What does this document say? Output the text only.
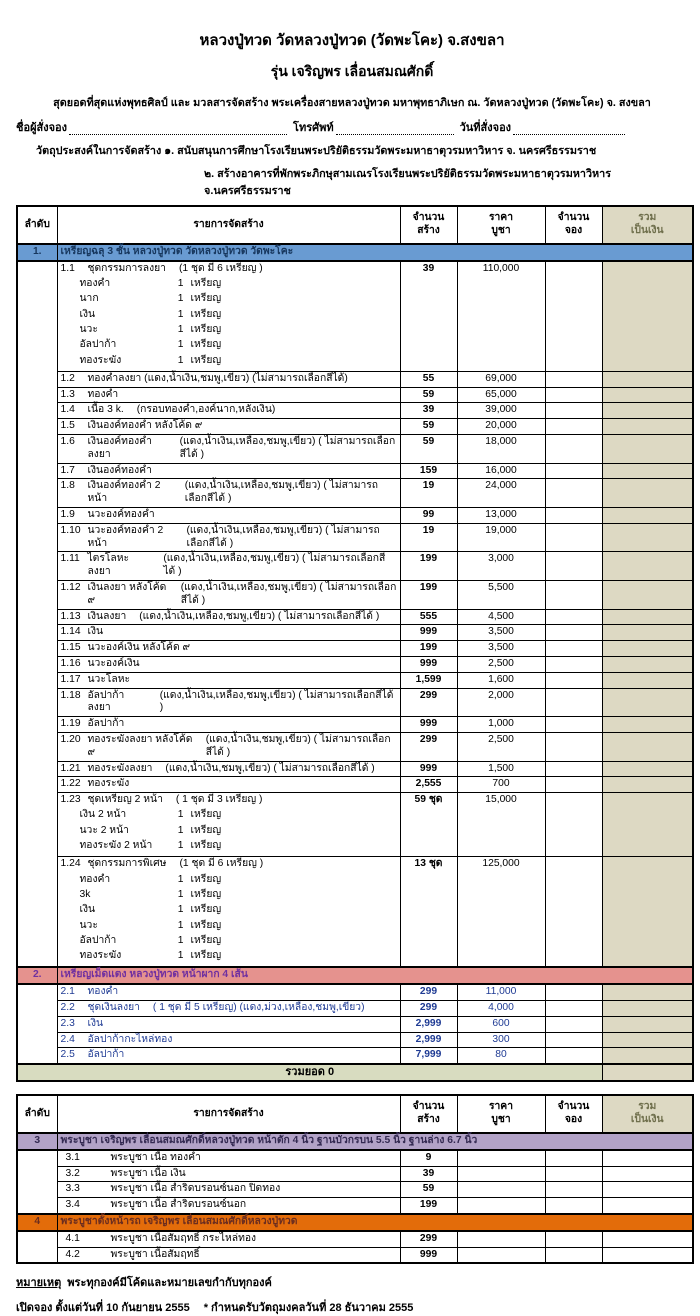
หลวงปู่ทวด วัดหลวงปู่ทวด (วัดพะโคะ) จ.สงขลา
รุ่น เจริญพร เลื่อนสมณศักดิ์
สุดยอดที่สุดแห่งพุทธศิลป์ และ มวลสารจัดสร้าง พระเครื่องสายหลวงปู่ทวด มหาพุทธาภิเษก ณ. วัดหลวงปู่ทวด (วัดพะโคะ) จ. สงขลา
ชื่อผู้สั่งจอง	โทรศัพท์	วันที่สั่งจอง
วัตถุประสงค์ในการจัดสร้าง ๑. สนับสนุนการศึกษาโรงเรียนพระปริยัติธรรมวัดพระมหาธาตุวรมหาวิหาร จ. นครศรีธรรมราช
๒. สร้างอาคารที่พักพระภิกษุสามเณรโรงเรียนพระปริยัติธรรมวัดพระมหาธาตุวรมหาวิหาร จ.นครศรีธรรมราช
ลำดับ	รายการจัดสร้าง

จำนวน
สร้าง

ราคา
บูชา

จำนวน
จอง

รวม
เป็นเงิน

1.	เหรียญฉลุ 3 ชั้น หลวงปู่ทวด วัดหลวงปู่ทวด วัดพะโคะ				

1.1	ชุดกรรมการลงยา (1 ชุด มี 6 เหรียญ )
ทองคำ	1 เหรียญ
นาก	1 เหรียญ
เงิน	1 เหรียญ
นวะ	1 เหรียญ
อัลปาก้า	1 เหรียญ
ทองระฆัง	1 เหรียญ
	39	110,000		

	1.2 ทองคำลงยา (แดง,น้ำเงิน,ชมพู,เขียว) (ไม่สามารถเลือกสีได้)	55	69,000		

	1.3 ทองคำ	59	65,000		

	1.4 เนื้อ 3 k. (กรอบทองคำ,องค์นาก,หลังเงิน)	39	39,000		

	1.5 เงินองค์ทองคำ หลังโค้ด ๙	59	20,000		

	1.6 เงินองค์ทองคำลงยา
(แดง,น้ำเงิน,เหลือง,ชมพู,เขียว) ( ไม่สามารถเลือกสีได้ )	59	18,000		

	1.7 เงินองค์ทองคำ	159	16,000		

	1.8 เงินองค์ทองคำ 2 หน้า
(แดง,น้ำเงิน,เหลือง,ชมพู,เขียว) ( ไม่สามารถเลือกสีได้ )	19	24,000		

	1.9 นวะองค์ทองคำ	99	13,000		

	1.10 นวะองค์ทองคำ 2 หน้า
(แดง,น้ำเงิน,เหลือง,ชมพู,เขียว) ( ไม่สามารถเลือกสีได้ )	19	19,000		

	1.11 ไตรโลหะลงยา
(แดง,น้ำเงิน,เหลือง,ชมพู,เขียว) ( ไม่สามารถเลือกสีได้ )	199	3,000		

	1.12 เงินลงยา หลังโค้ด ๙
(แดง,น้ำเงิน,เหลือง,ชมพู,เขียว) ( ไม่สามารถเลือกสีได้ )	199	5,500		

	1.13 เงินลงยา (แดง,น้ำเงิน,เหลือง,ชมพู,เขียว) ( ไม่สามารถเลือกสีได้ )	555	4,500		

	1.14 เงิน	999	3,500		

	1.15 นวะองค์เงิน หลังโค้ด ๙	199	3,500		

	1.16 นวะองค์เงิน	999	2,500		

	1.17 นวะโลหะ	1,599	1,600		

	1.18 อัลปาก้าลงยา
(แดง,น้ำเงิน,เหลือง,ชมพู,เขียว) ( ไม่สามารถเลือกสีได้ )	299	2,000		

	1.19 อัลปาก้า	999	1,000		

	1.20 ทองระฆังลงยา หลังโค้ด ๙
(แดง,น้ำเงิน,ชมพู,เขียว) ( ไม่สามารถเลือกสีได้ )	299	2,500		

	1.21 ทองระฆังลงยา (แดง,น้ำเงิน,ชมพู,เขียว) ( ไม่สามารถเลือกสีได้ )	999	1,500		

	1.22 ทองระฆัง	2,555	700		

1.23 ชุดเหรียญ 2 หน้า ( 1 ชุด มี 3 เหรียญ )
เงิน 2 หน้า	1 เหรียญ
นวะ 2 หน้า	1 เหรียญ
ทองระฆัง 2 หน้า	1 เหรียญ
	59 ชุด	15,000		

1.24 ชุดกรรมการพิเศษ (1 ชุด มี 6 เหรียญ )
ทองคำ	1 เหรียญ
3k	1 เหรียญ
เงิน	1 เหรียญ
นวะ	1 เหรียญ
อัลปาก้า	1 เหรียญ
ทองระฆัง	1 เหรียญ
	13 ชุด	125,000		
2.	เหรียญเม็ดแตง หลวงปู่ทวด หน้าผาก 4 เส้น				

	2.1 ทองคำ	299	11,000		

	2.2 ชุดเงินลงยา ( 1 ชุด มี 5 เหรียญ) (แดง,ม่วง,เหลือง,ชมพู,เขียว)	299	4,000		

	2.3 เงิน	2,999	600		

	2.4 อัลปาก้ากะไหล่ทอง	2,999	300		

	2.5 อัลปาก้า	7,999	80		
รวมยอด 0					
ลำดับ	รายการจัดสร้าง

จำนวน
สร้าง

ราคา
บูชา

จำนวน
จอง

รวม
เป็นเงิน

3	พระบูชา เจริญพร เลื่อนสมณศักดิ์หลวงปู่ทวด หน้าตัก 4 นิ้ว ฐานบัวกรบน 5.5 นิ้ว ฐานล่าง 6.7 นิ้ว				

	3.1 พระบูชา เนื้อ ทองคำ	9			

	3.2 พระบูชา เนื้อ เงิน	39			

	3.3 พระบูชา เนื้อ สำริดบรอนซ์นอก ปิดทอง	59			

	3.4 พระบูชา เนื้อ สำริดบรอนซ์นอก	199			
4	พระบูชาตั้งหน้ารถ เจริญพร เลื่อนสมณศักดิ์หลวงปู่ทวด				

	4.1 พระบูชา เนื้อสัมฤทธิ์ กระไหล่ทอง	299			

	4.2 พระบูชา เนื้อสัมฤทธิ์	999			
หมายเหตุ พระทุกองค์มีโค้ดและหมายเลขกำกับทุกองค์
เปิดจอง ตั้งแต่วันที่ 10 กันยายน 2555 * กำหนดรับวัตถุมงคลวันที่ 28 ธันวาคม 2555
